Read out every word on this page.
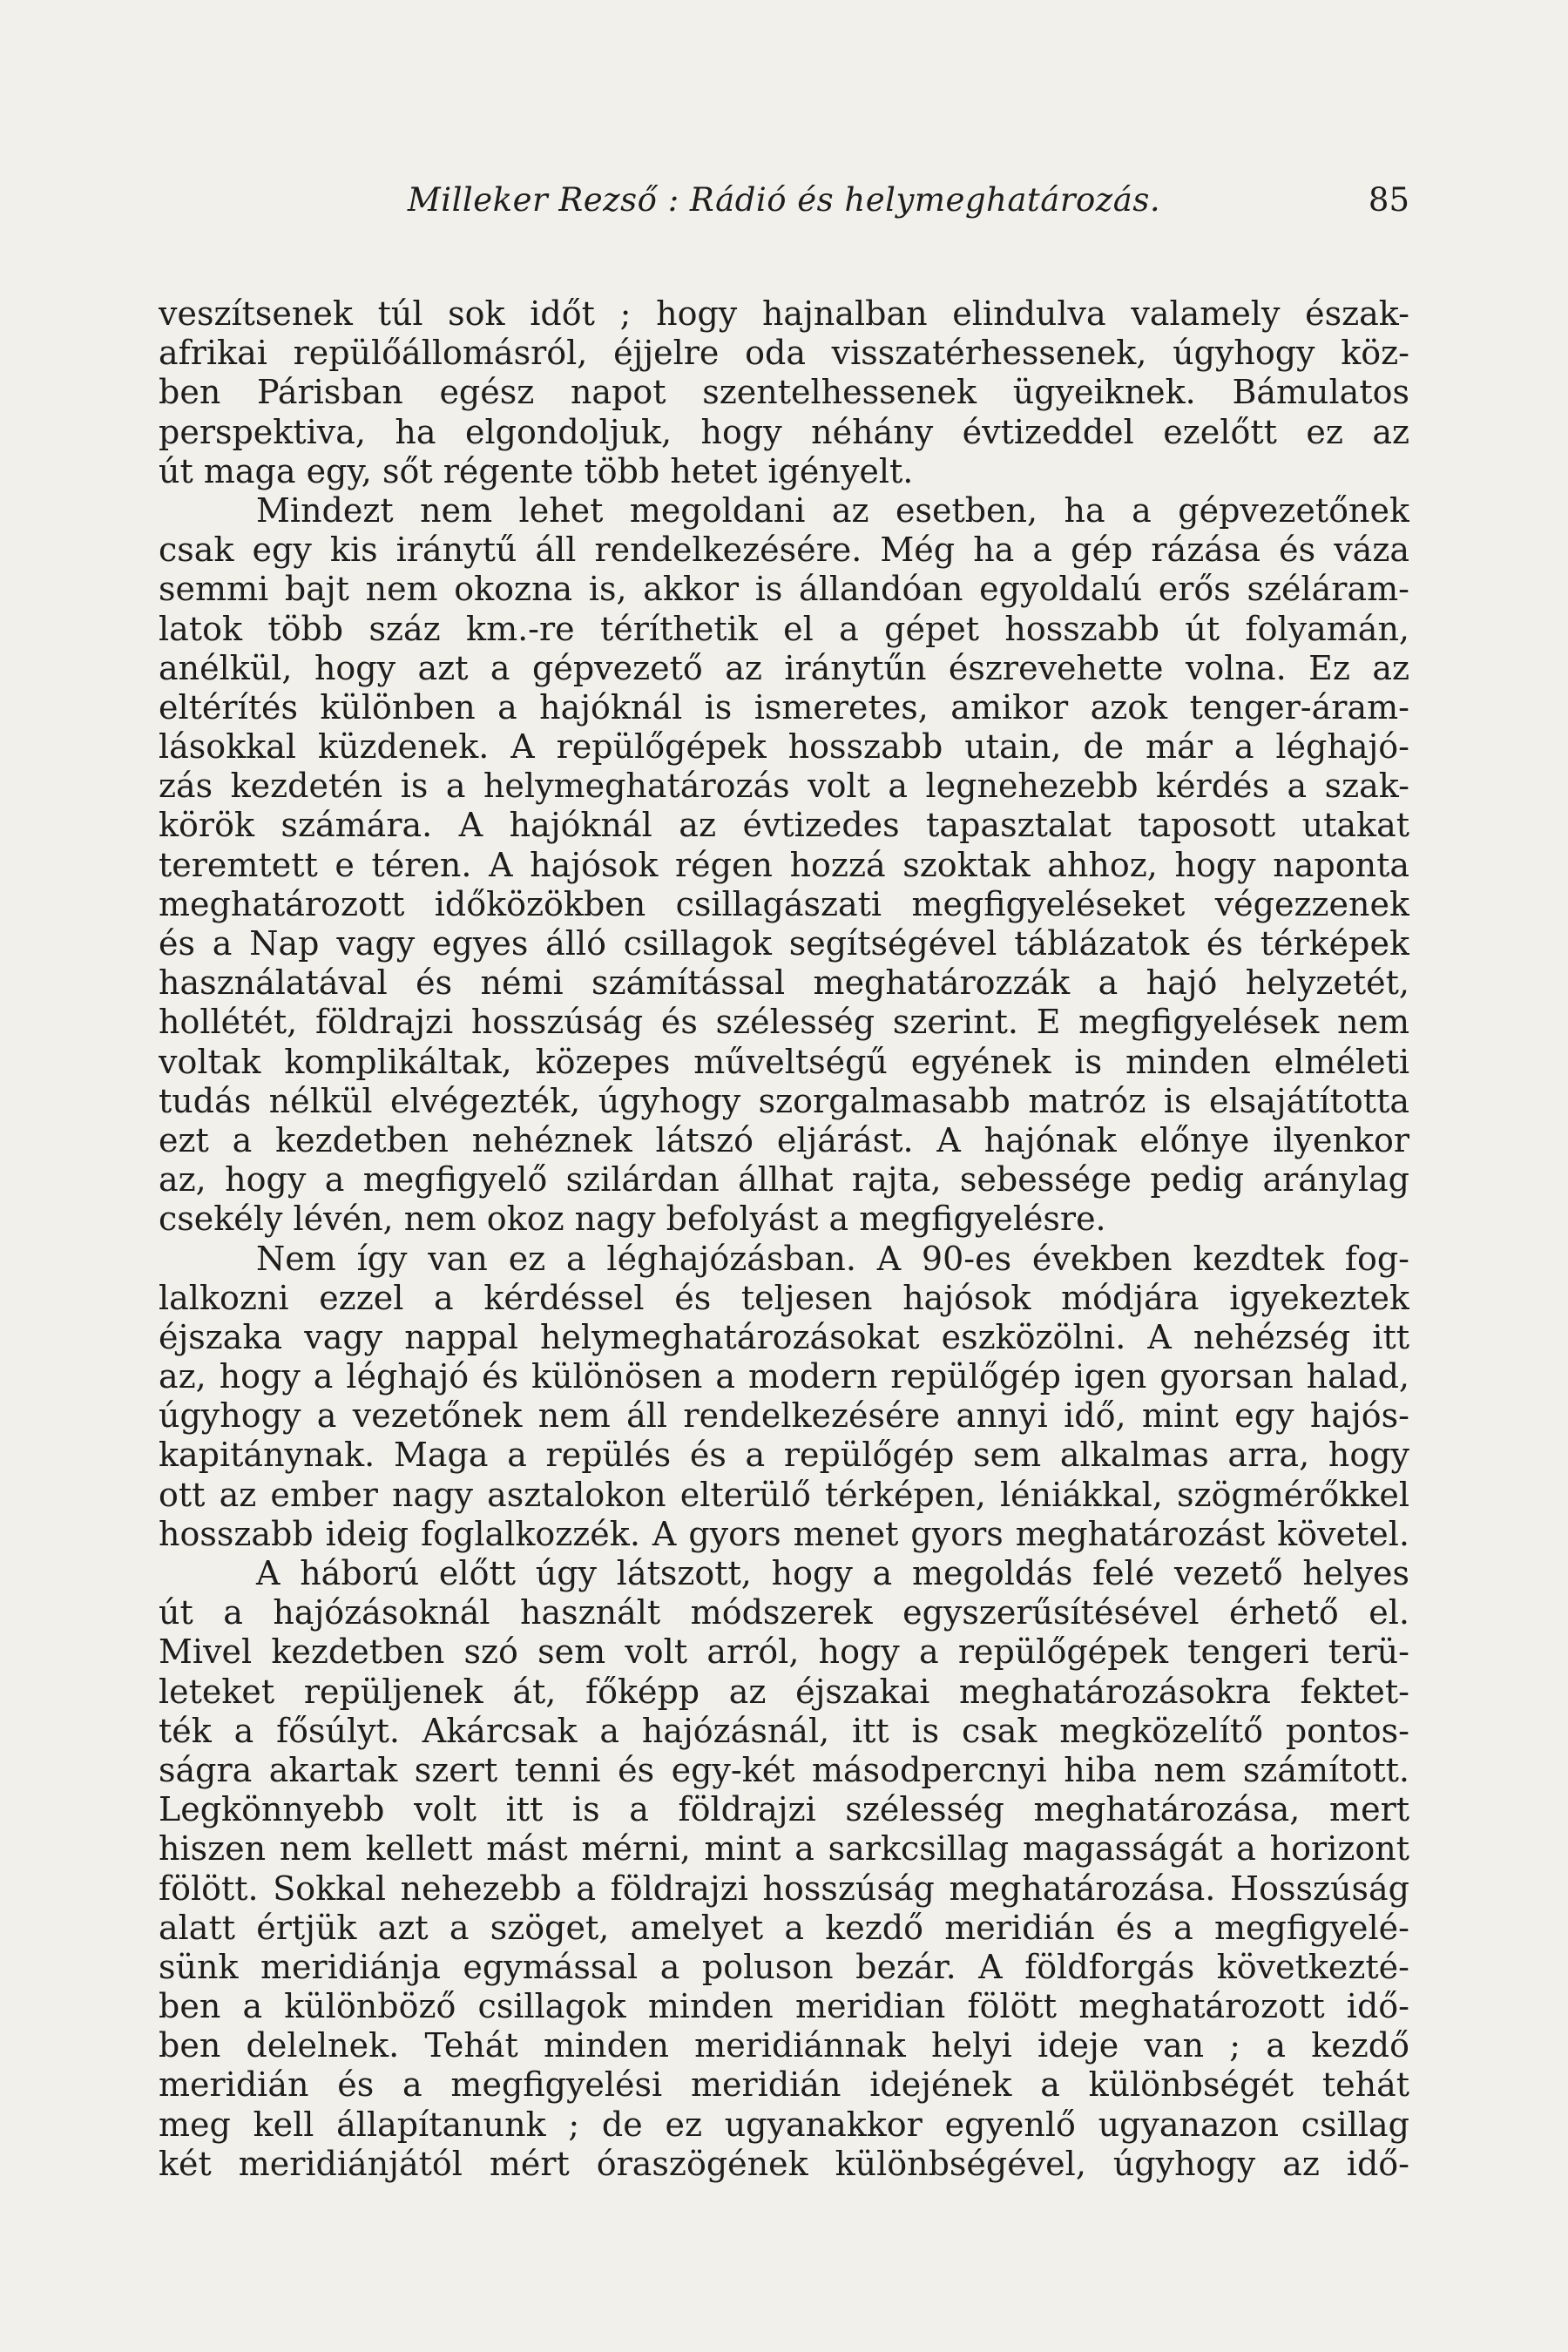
Milleker Rezső : Rádió és helymeghatározás.	85
veszítsenek túl sok időt ; hogy hajnalban elindulva valamely észak-
afrikai repülőállomásról, éjjelre oda visszatérhessenek, úgyhogy köz-
ben Párisban egész napot szentelhessenek ügyeiknek. Bámulatos
perspektiva, ha elgondoljuk, hogy néhány évtizeddel ezelőtt ez az
út maga egy, sőt régente több hetet igényelt.
Mindezt nem lehet megoldani az esetben, ha a gépvezetőnek
csak egy kis iránytű áll rendelkezésére. Még ha a gép rázása és váza
semmi bajt nem okozna is, akkor is állandóan egyoldalú erős széláram-
latok több száz km.-re téríthetik el a gépet hosszabb út folyamán,
anélkül, hogy azt a gépvezető az iránytűn észrevehette volna. Ez az
eltérítés különben a hajóknál is ismeretes, amikor azok tenger-áram-
lásokkal küzdenek. A repülőgépek hosszabb utain, de már a léghajó-
zás kezdetén is a helymeghatározás volt a legnehezebb kérdés a szak-
körök számára. A hajóknál az évtizedes tapasztalat taposott utakat
teremtett e téren. A hajósok régen hozzá szoktak ahhoz, hogy naponta
meghatározott időközökben csillagászati megfigyeléseket végezzenek
és a Nap vagy egyes álló csillagok segítségével táblázatok és térképek
használatával és némi számítással meghatározzák a hajó helyzetét,
hollétét, földrajzi hosszúság és szélesség szerint. E megfigyelések nem
voltak komplikáltak, közepes műveltségű egyének is minden elméleti
tudás nélkül elvégezték, úgyhogy szorgalmasabb matróz is elsajátította
ezt a kezdetben nehéznek látszó eljárást. A hajónak előnye ilyenkor
az, hogy a megfigyelő szilárdan állhat rajta, sebessége pedig aránylag
csekély lévén, nem okoz nagy befolyást a megfigyelésre.
Nem így van ez a léghajózásban. A 90-es években kezdtek fog-
lalkozni ezzel a kérdéssel és teljesen hajósok módjára igyekeztek
éjszaka vagy nappal helymeghatározásokat eszközölni. A nehézség itt
az, hogy a léghajó és különösen a modern repülőgép igen gyorsan halad,
úgyhogy a vezetőnek nem áll rendelkezésére annyi idő, mint egy hajós-
kapitánynak. Maga a repülés és a repülőgép sem alkalmas arra, hogy
ott az ember nagy asztalokon elterülő térképen, léniákkal, szögmérőkkel
hosszabb ideig foglalkozzék. A gyors menet gyors meghatározást követel.
A háború előtt úgy látszott, hogy a megoldás felé vezető helyes
út a hajózásoknál használt módszerek egyszerűsítésével érhető el.
Mivel kezdetben szó sem volt arról, hogy a repülőgépek tengeri terü-
leteket repüljenek át, főképp az éjszakai meghatározásokra fektet-
ték a fősúlyt. Akárcsak a hajózásnál, itt is csak megközelítő pontos-
ságra akartak szert tenni és egy-két másodpercnyi hiba nem számított.
Legkönnyebb volt itt is a földrajzi szélesség meghatározása, mert
hiszen nem kellett mást mérni, mint a sarkcsillag magasságát a horizont
fölött. Sokkal nehezebb a földrajzi hosszúság meghatározása. Hosszúság
alatt értjük azt a szöget, amelyet a kezdő meridián és a megfigyelé-
sünk meridiánja egymással a poluson bezár. A földforgás következté-
ben a különböző csillagok minden meridian fölött meghatározott idő-
ben delelnek. Tehát minden meridiánnak helyi ideje van ; a kezdő
meridián és a megfigyelési meridián idejének a különbségét tehát
meg kell állapítanunk ; de ez ugyanakkor egyenlő ugyanazon csillag
két meridiánjától mért óraszögének különbségével, úgyhogy az idő-
